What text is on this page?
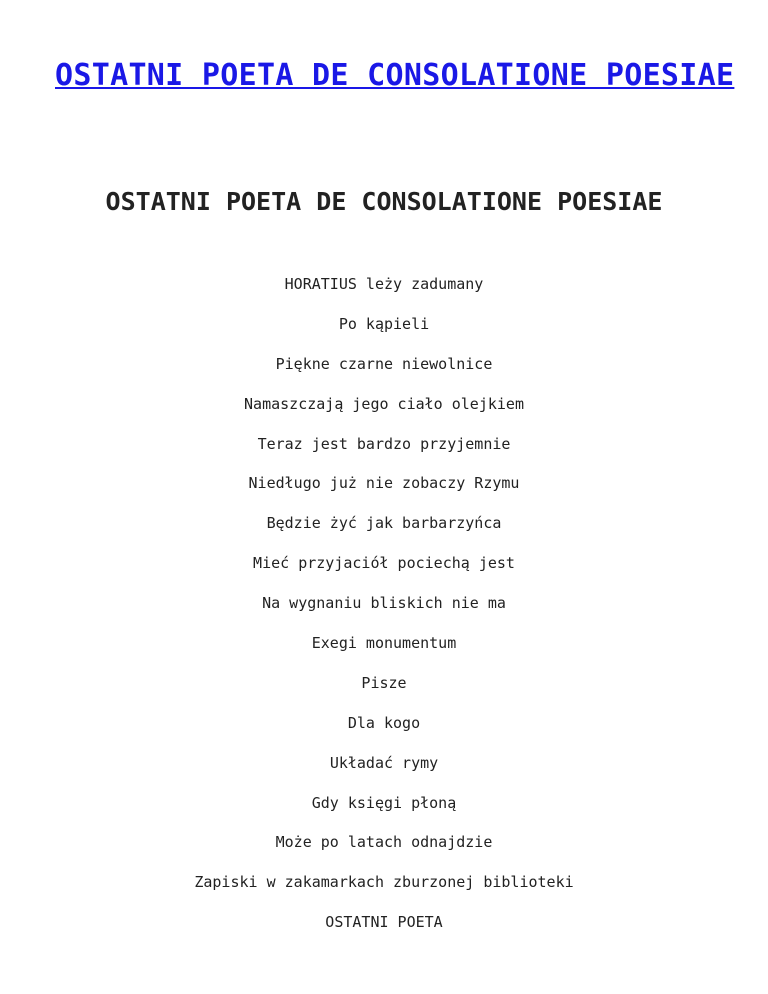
OSTATNI POETA DE CONSOLATIONE POESIAE
OSTATNI POETA DE CONSOLATIONE POESIAE
HORATIUS leży zadumany
Po kąpieli
Piękne czarne niewolnice
Namaszczają jego ciało olejkiem
Teraz jest bardzo przyjemnie
Niedługo już nie zobaczy Rzymu
Będzie żyć jak barbarzyńca
Mieć przyjaciół pociechą jest
Na wygnaniu bliskich nie ma
Exegi monumentum
Pisze
Dla kogo
Układać rymy
Gdy księgi płoną
Może po latach odnajdzie
Zapiski w zakamarkach zburzonej biblioteki
OSTATNI POETA
